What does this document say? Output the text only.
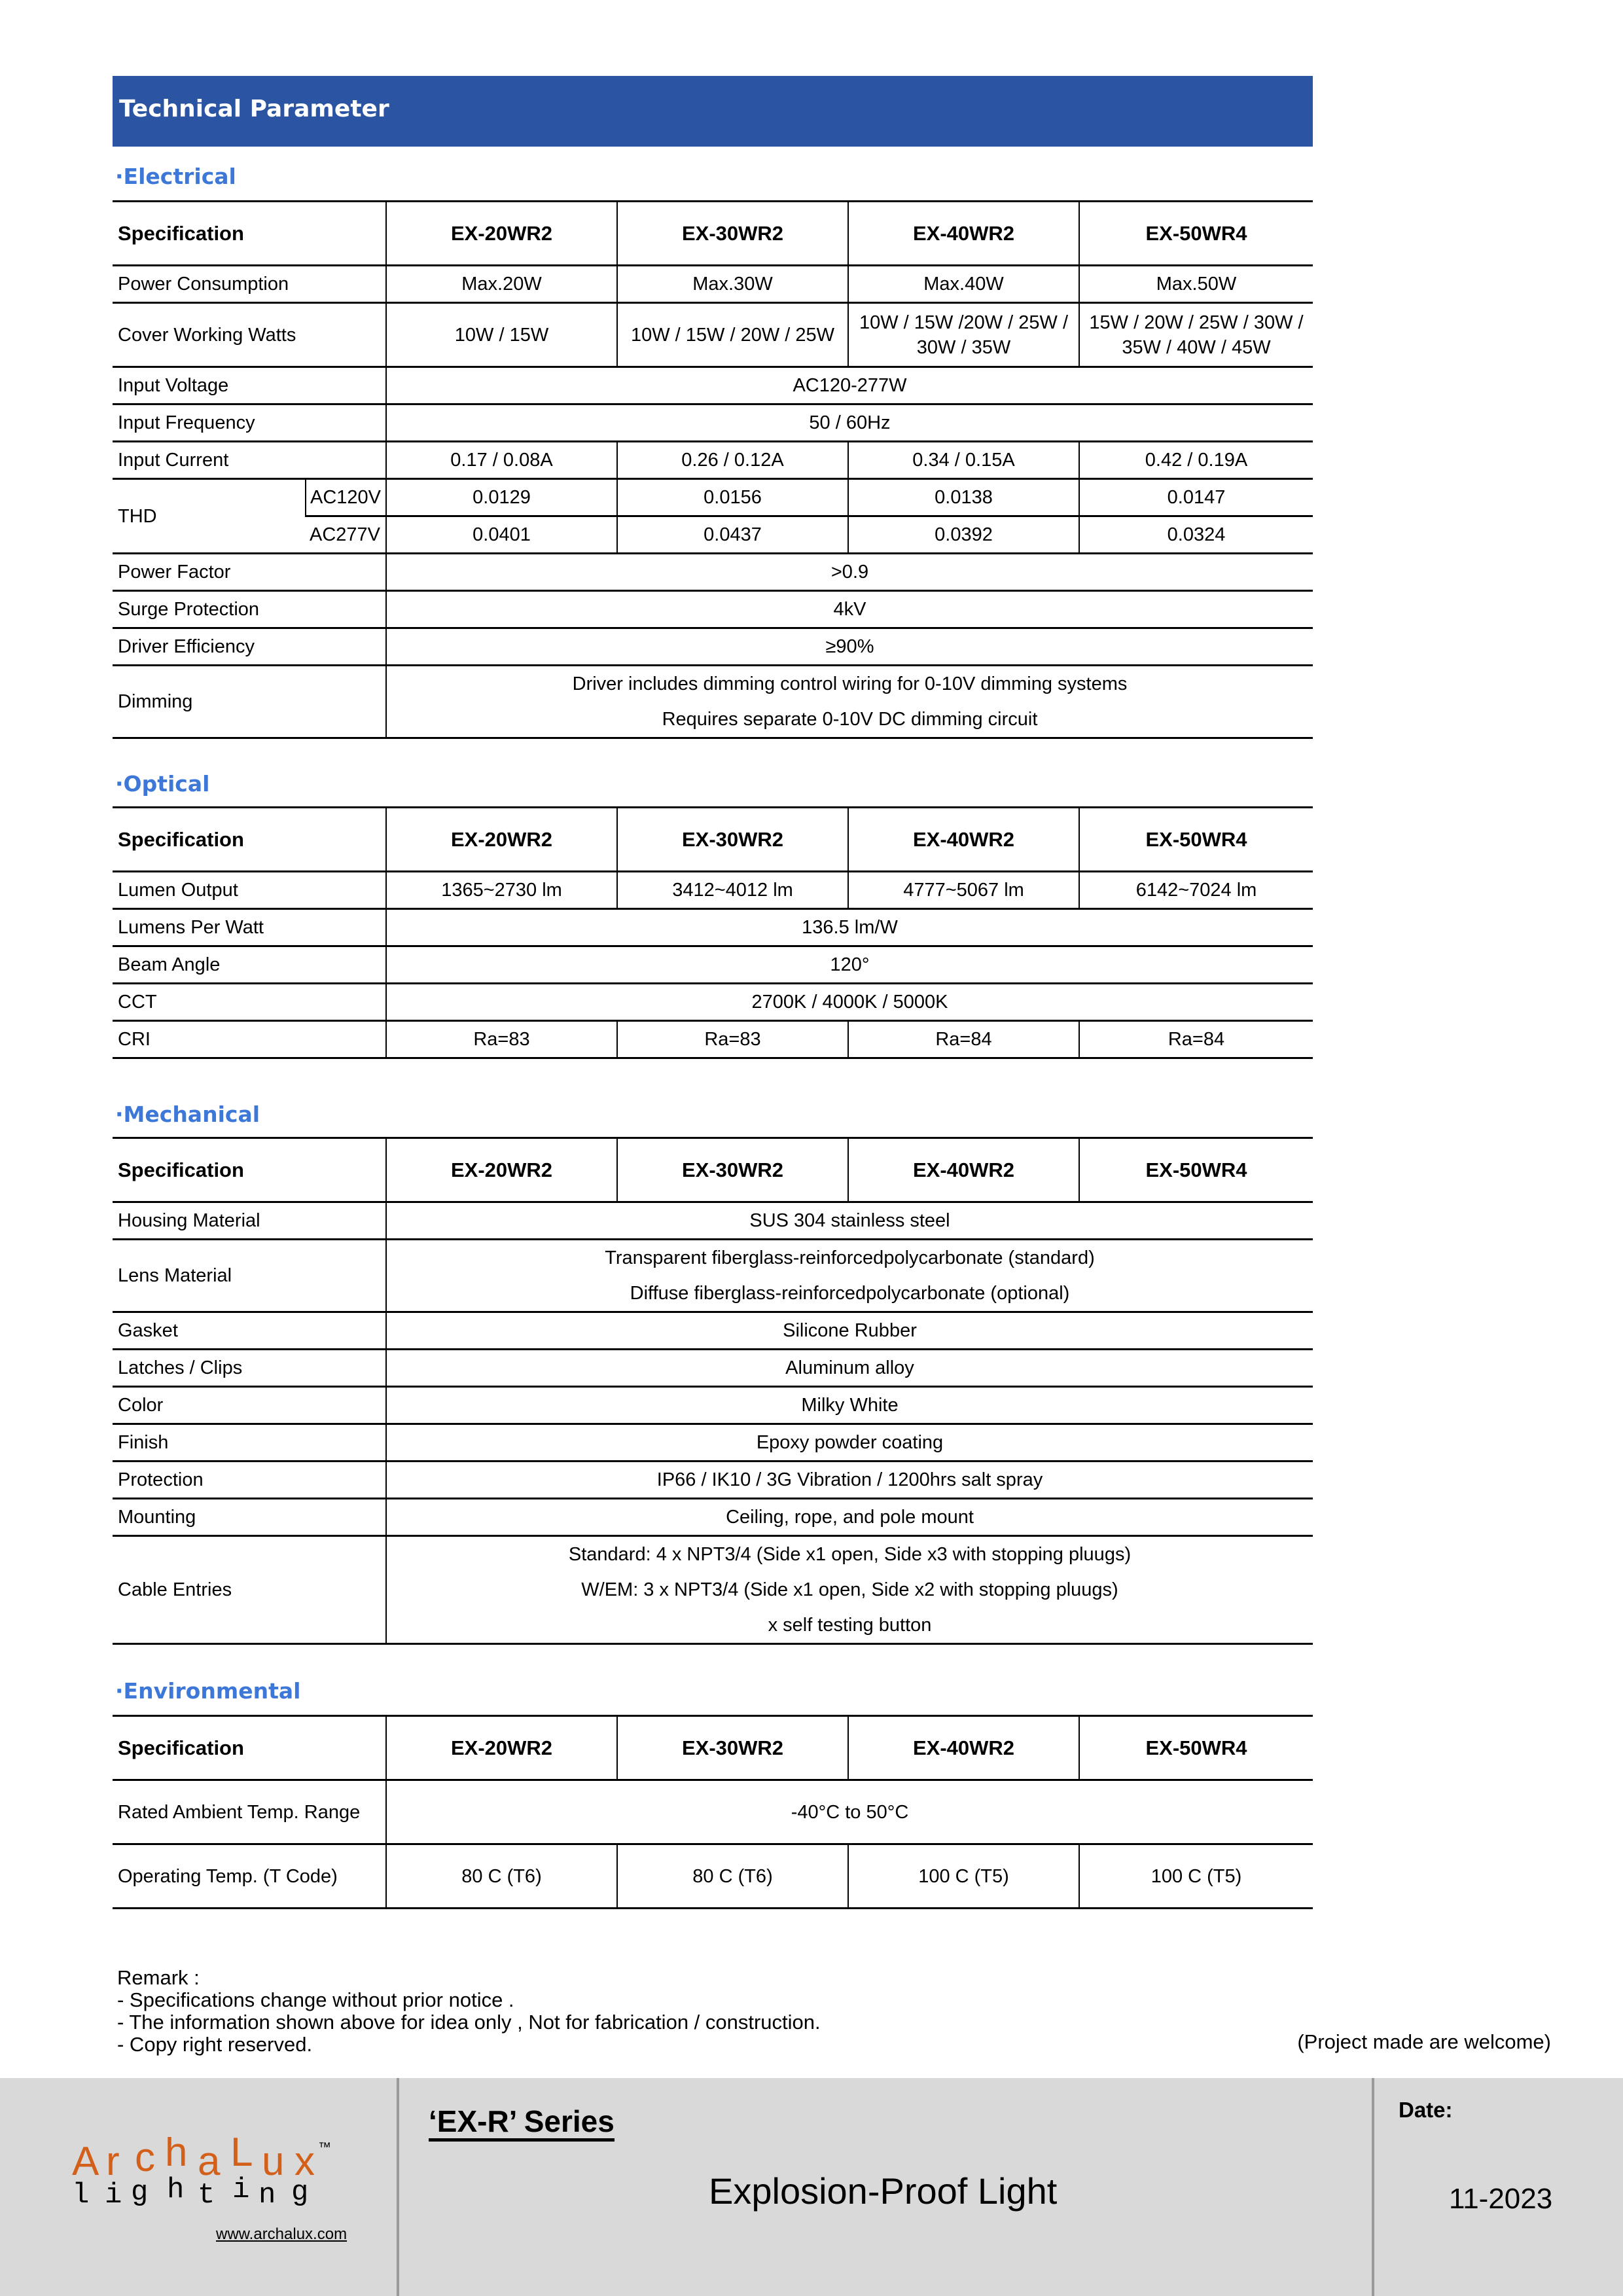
Technical Parameter
·Electrical
Specification		EX-20WR2	EX-30WR2	EX-40WR2	EX-50WR4
Power Consumption		Max.20W	Max.30W	Max.40W	Max.50W
Cover Working Watts		10W / 15W	10W / 15W / 20W / 25W	10W / 15W /20W / 25W / 30W / 35W	15W / 20W / 25W / 30W / 35W / 40W / 45W
Input Voltage		AC120-277W			

Input Frequency		50 / 60Hz			

Input Current		0.17 / 0.08A	0.26 / 0.12A	0.34 / 0.15A	0.42 / 0.19A
THD	AC120V	0.0129	0.0156	0.0138	0.0147
	AC277V	0.0401	0.0437	0.0392	0.0324
Power Factor		>0.9			

Surge Protection		4kV			

Driver Efficiency		≥90%			

Dimming		Driver includes dimming control wiring for 0-10V dimming systems
Requires separate 0-10V DC dimming circuit			
·Optical
Specification	EX-20WR2	EX-30WR2	EX-40WR2	EX-50WR4
Lumen Output	1365~2730 lm	3412~4012 lm	4777~5067 lm	6142~7024 lm
Lumens Per Watt	136.5 lm/W			

Beam Angle	120°			

CCT	2700K / 4000K / 5000K			

CRI	Ra=83	Ra=83	Ra=84	Ra=84
·Mechanical
Specification	EX-20WR2	EX-30WR2	EX-40WR2	EX-50WR4
Housing Material	SUS 304 stainless steel			

Lens Material	Transparent fiberglass-reinforcedpolycarbonate (standard)
Diffuse fiberglass-reinforcedpolycarbonate (optional)			

Gasket	Silicone Rubber			

Latches / Clips	Aluminum alloy			

Color	Milky White			

Finish	Epoxy powder coating			

Protection	IP66 / IK10 / 3G Vibration / 1200hrs salt spray			

Mounting	Ceiling, rope, and pole mount			

Cable Entries	Standard: 4 x NPT3/4 (Side x1 open, Side x3 with stopping pluugs)
W/EM: 3 x NPT3/4 (Side x1 open, Side x2 with stopping pluugs)
x self testing button			
·Environmental
Specification	EX-20WR2	EX-30WR2	EX-40WR2	EX-50WR4
Rated Ambient Temp. Range	-40°C to 50°C			

Operating Temp. (T Code)	80 C (T6)	80 C (T6)	100 C (T5)	100 C (T5)
Remark :
- Specifications change without prior notice .
- The information shown above for idea only , Not for fabrication / construction.
- Copy right reserved.	(Project made are welcome)
A r c h a L u x ™
l i g h t i n g
www.archalux.com
‘EX-R’ Series
Explosion-Proof Light
Date:
11-2023
